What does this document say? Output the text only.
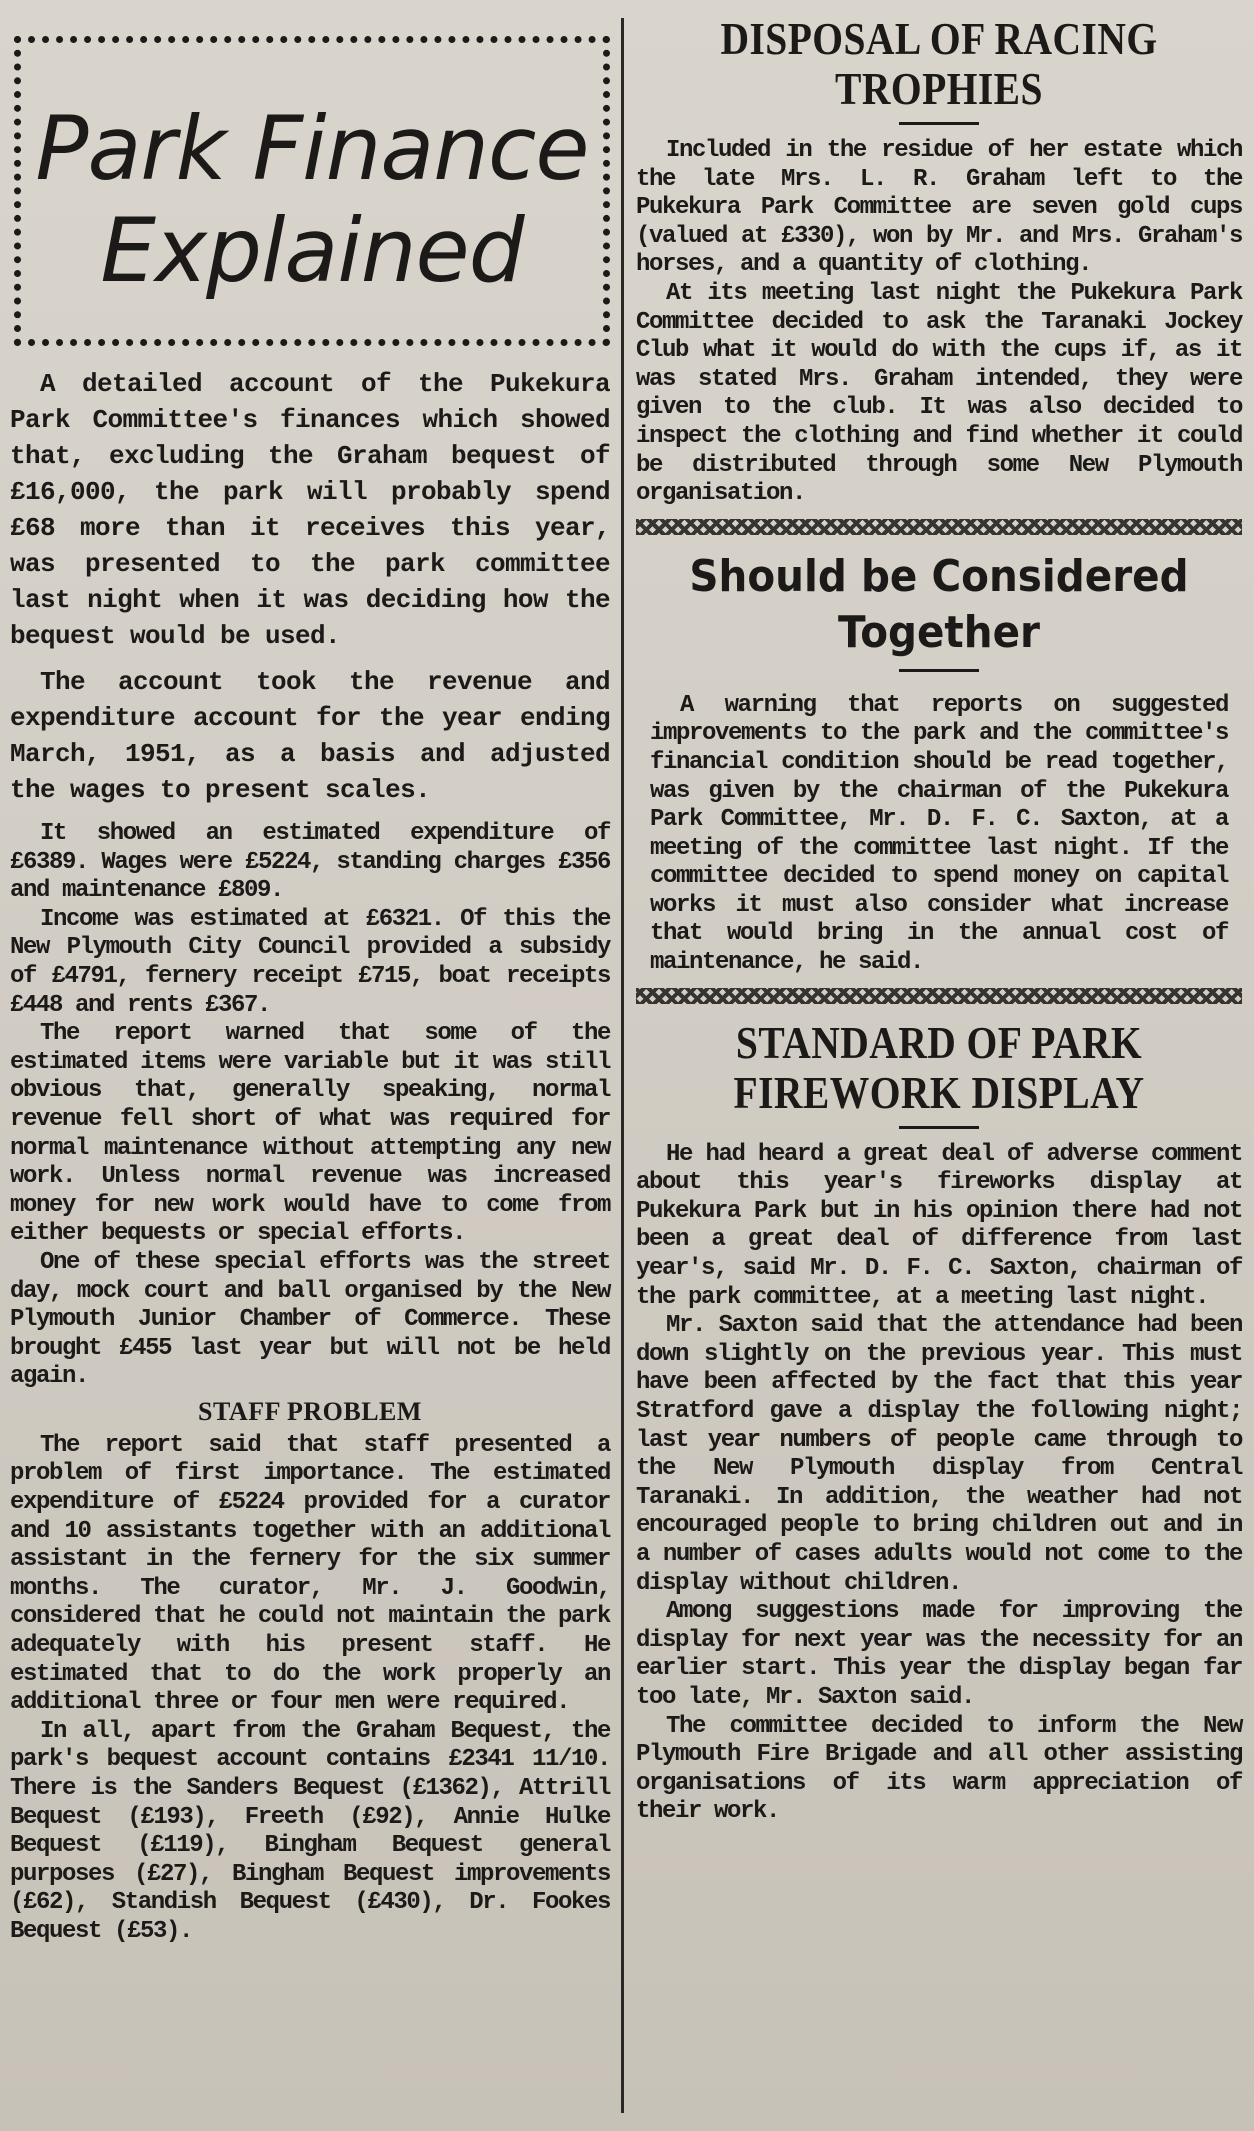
Park Finance
Explained

A detailed account of the Pukekura Park Committee's finances which showed that, excluding the Graham bequest of £16,000, the park will probably spend £68 more than it receives this year, was presented to the park committee last night when it was deciding how the bequest would be used.

The account took the revenue and expenditure account for the year ending March, 1951, as a basis and adjusted the wages to present scales.

It showed an estimated expenditure of £6389. Wages were £5224, standing charges £356 and maintenance £809.

Income was estimated at £6321. Of this the New Plymouth City Council provided a subsidy of £4791, fernery receipt £715, boat receipts £448 and rents £367.

The report warned that some of the estimated items were variable but it was still obvious that, generally speaking, normal revenue fell short of what was required for normal maintenance without attempting any new work. Unless normal revenue was increased money for new work would have to come from either bequests or special efforts.

One of these special efforts was the street day, mock court and ball organised by the New Plymouth Junior Chamber of Commerce. These brought £455 last year but will not be held again.

STAFF PROBLEM

The report said that staff presented a problem of first importance. The estimated expenditure of £5224 provided for a curator and 10 assistants together with an additional assistant in the fernery for the six summer months. The curator, Mr. J. Goodwin, considered that he could not maintain the park adequately with his present staff. He estimated that to do the work properly an additional three or four men were required.

In all, apart from the Graham Bequest, the park's bequest account contains £2341 11/10. There is the Sanders Bequest (£1362), Attrill Bequest (£193), Freeth (£92), Annie Hulke Bequest (£119), Bingham Bequest general purposes (£27), Bingham Bequest improvements (£62), Standish Bequest (£430), Dr. Fookes Bequest (£53).

DISPOSAL OF RACING
TROPHIES

Included in the residue of her estate which the late Mrs. L. R. Graham left to the Pukekura Park Committee are seven gold cups (valued at £330), won by Mr. and Mrs. Graham's horses, and a quantity of clothing.

At its meeting last night the Pukekura Park Committee decided to ask the Taranaki Jockey Club what it would do with the cups if, as it was stated Mrs. Graham intended, they were given to the club. It was also decided to inspect the clothing and find whether it could be distributed through some New Plymouth organisation.

Should be Considered
Together

A warning that reports on suggested improvements to the park and the committee's financial condition should be read together, was given by the chairman of the Pukekura Park Committee, Mr. D. F. C. Saxton, at a meeting of the committee last night. If the committee decided to spend money on capital works it must also consider what increase that would bring in the annual cost of maintenance, he said.

STANDARD OF PARK
FIREWORK DISPLAY

He had heard a great deal of adverse comment about this year's fireworks display at Pukekura Park but in his opinion there had not been a great deal of difference from last year's, said Mr. D. F. C. Saxton, chairman of the park committee, at a meeting last night.

Mr. Saxton said that the attendance had been down slightly on the previous year. This must have been affected by the fact that this year Stratford gave a display the following night; last year numbers of people came through to the New Plymouth display from Central Taranaki. In addition, the weather had not encouraged people to bring children out and in a number of cases adults would not come to the display without children.

Among suggestions made for improving the display for next year was the necessity for an earlier start. This year the display began far too late, Mr. Saxton said.

The committee decided to inform the New Plymouth Fire Brigade and all other assisting organisations of its warm appreciation of their work.
